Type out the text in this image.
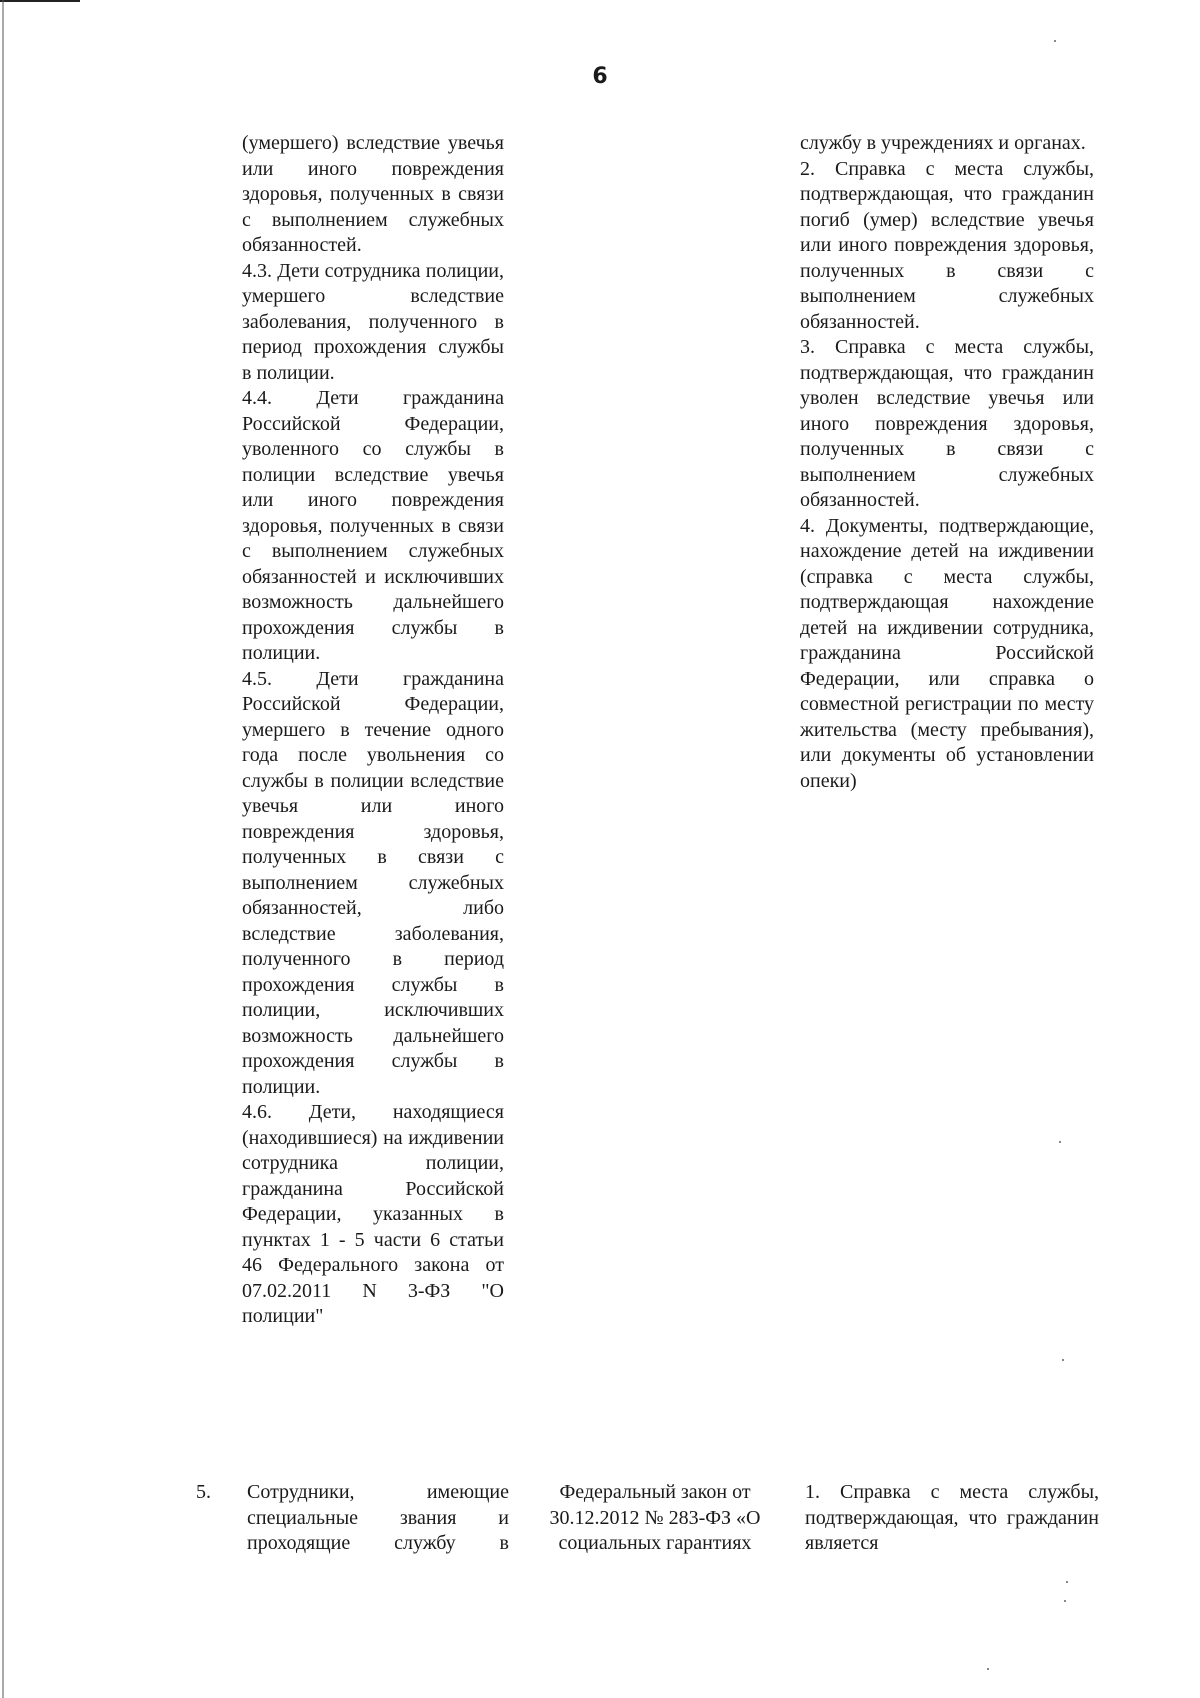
6

(умершего) вследствие увечья или иного повреждения здоровья, полученных в связи с выполнением служебных обязанностей.

4.3. Дети сотрудника полиции, умершего вследствие заболевания, полученного в период прохождения службы в полиции.

4.4. Дети гражданина Российской Федерации, уволенного со службы в полиции вследствие увечья или иного повреждения здоровья, полученных в связи с выполнением служебных обязанностей и исключивших возможность дальнейшего прохождения службы в полиции.

4.5. Дети гражданина Российской Федерации, умершего в течение одного года после увольнения со службы в полиции вследствие увечья или иного повреждения здоровья, полученных в связи с выполнением служебных обязанностей, либо вследствие заболевания, полученного в период прохождения службы в полиции, исключивших возможность дальнейшего прохождения службы в полиции.

4.6. Дети, находящиеся (находившиеся) на иждивении сотрудника полиции, гражданина Российской Федерации, указанных в пунктах 1 - 5 части 6 статьи 46 Федерального закона от 07.02.2011 N 3-ФЗ "О полиции"

службу в учреждениях и органах.

2. Справка с места службы, подтверждающая, что гражданин погиб (умер) вследствие увечья или иного повреждения здоровья, полученных в связи с выполнением служебных обязанностей.

3. Справка с места службы, подтверждающая, что гражданин уволен вследствие увечья или иного повреждения здоровья, полученных в связи с выполнением служебных обязанностей.

4. Документы, подтверждающие, нахождение детей на иждивении (справка с места службы, подтверждающая нахождение детей на иждивении сотрудника, гражданина Российской Федерации, или справка о совместной регистрации по месту жительства (месту пребывания), или документы об установлении опеки)

5.	Сотрудники, имеющие специальные звания и проходящие службу в

Федеральный закон от 30.12.2012 № 283-ФЗ «О социальных гарантиях

1. Справка с места службы, подтверждающая, что гражданин является
